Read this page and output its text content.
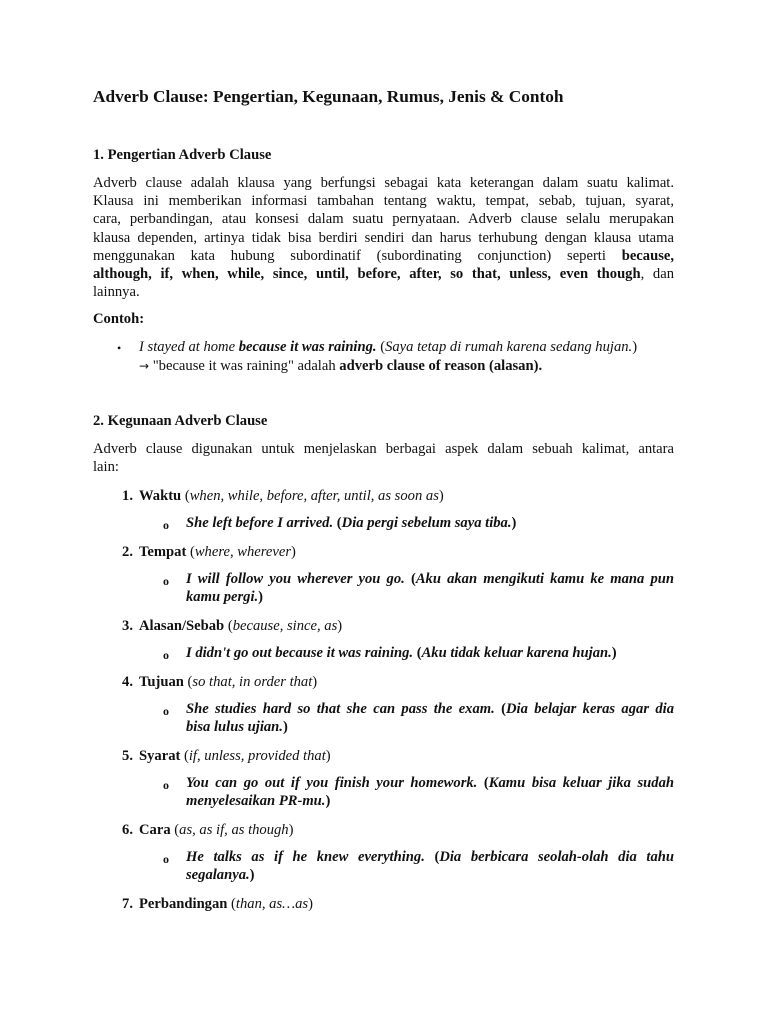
Adverb Clause: Pengertian, Kegunaan, Rumus, Jenis & Contoh
1. Pengertian Adverb Clause
Adverb clause adalah klausa yang berfungsi sebagai kata keterangan dalam suatu kalimat.
Klausa ini memberikan informasi tambahan tentang waktu, tempat, sebab, tujuan, syarat,
cara, perbandingan, atau konsesi dalam suatu pernyataan. Adverb clause selalu merupakan
klausa dependen, artinya tidak bisa berdiri sendiri dan harus terhubung dengan klausa utama
menggunakan kata hubung subordinatif (subordinating conjunction) seperti because,
although, if, when, while, since, until, before, after, so that, unless, even though, dan
lainnya.
Contoh:
• I stayed at home because it was raining. (Saya tetap di rumah karena sedang hujan.)
→ "because it was raining" adalah adverb clause of reason (alasan).
2. Kegunaan Adverb Clause
Adverb clause digunakan untuk menjelaskan berbagai aspek dalam sebuah kalimat, antara
lain:
1. Waktu (when, while, before, after, until, as soon as)
o She left before I arrived. (Dia pergi sebelum saya tiba.)
2. Tempat (where, wherever)
o I will follow you wherever you go. (Aku akan mengikuti kamu ke mana pun
kamu pergi.)
3. Alasan/Sebab (because, since, as)
o I didn't go out because it was raining. (Aku tidak keluar karena hujan.)
4. Tujuan (so that, in order that)
o She studies hard so that she can pass the exam. (Dia belajar keras agar dia
bisa lulus ujian.)
5. Syarat (if, unless, provided that)
o You can go out if you finish your homework. (Kamu bisa keluar jika sudah
menyelesaikan PR-mu.)
6. Cara (as, as if, as though)
o He talks as if he knew everything. (Dia berbicara seolah-olah dia tahu
segalanya.)
7. Perbandingan (than, as…as)
